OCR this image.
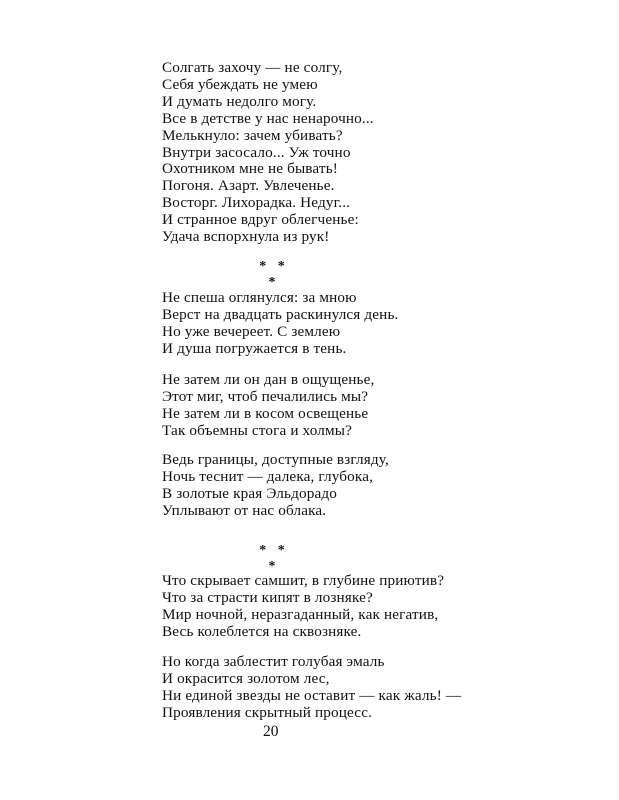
Солгать захочу — не солгу,
Себя убеждать не умею
И думать недолго могу.
Все в детстве у нас ненарочно...
Мелькнуло: зачем убивать?
Внутри засосало... Уж точно
Охотником мне не бывать!
Погоня. Азарт. Увлеченье.
Восторг. Лихорадка. Недуг...
И странное вдруг облегченье:
Удача вспорхнула из рук!
* * *
Не спеша оглянулся: за мною
Верст на двадцать раскинулся день.
Но уже вечереет. С землею
И душа погружается в тень.
Не затем ли он дан в ощущенье,
Этот миг, чтоб печалились мы?
Не затем ли в косом освещенье
Так объемны стога и холмы?
Ведь границы, доступные взгляду,
Ночь теснит — далека, глубока,
В золотые края Эльдорадо
Уплывают от нас облака.
* * *
Что скрывает самшит, в глубине приютив?
Что за страсти кипят в лозняке?
Мир ночной, неразгаданный, как негатив,
Весь колеблется на сквозняке.
Но когда заблестит голубая эмаль
И окрасится золотом лес,
Ни единой звезды не оставит — как жаль! —
Проявления скрытный процесс.
20
